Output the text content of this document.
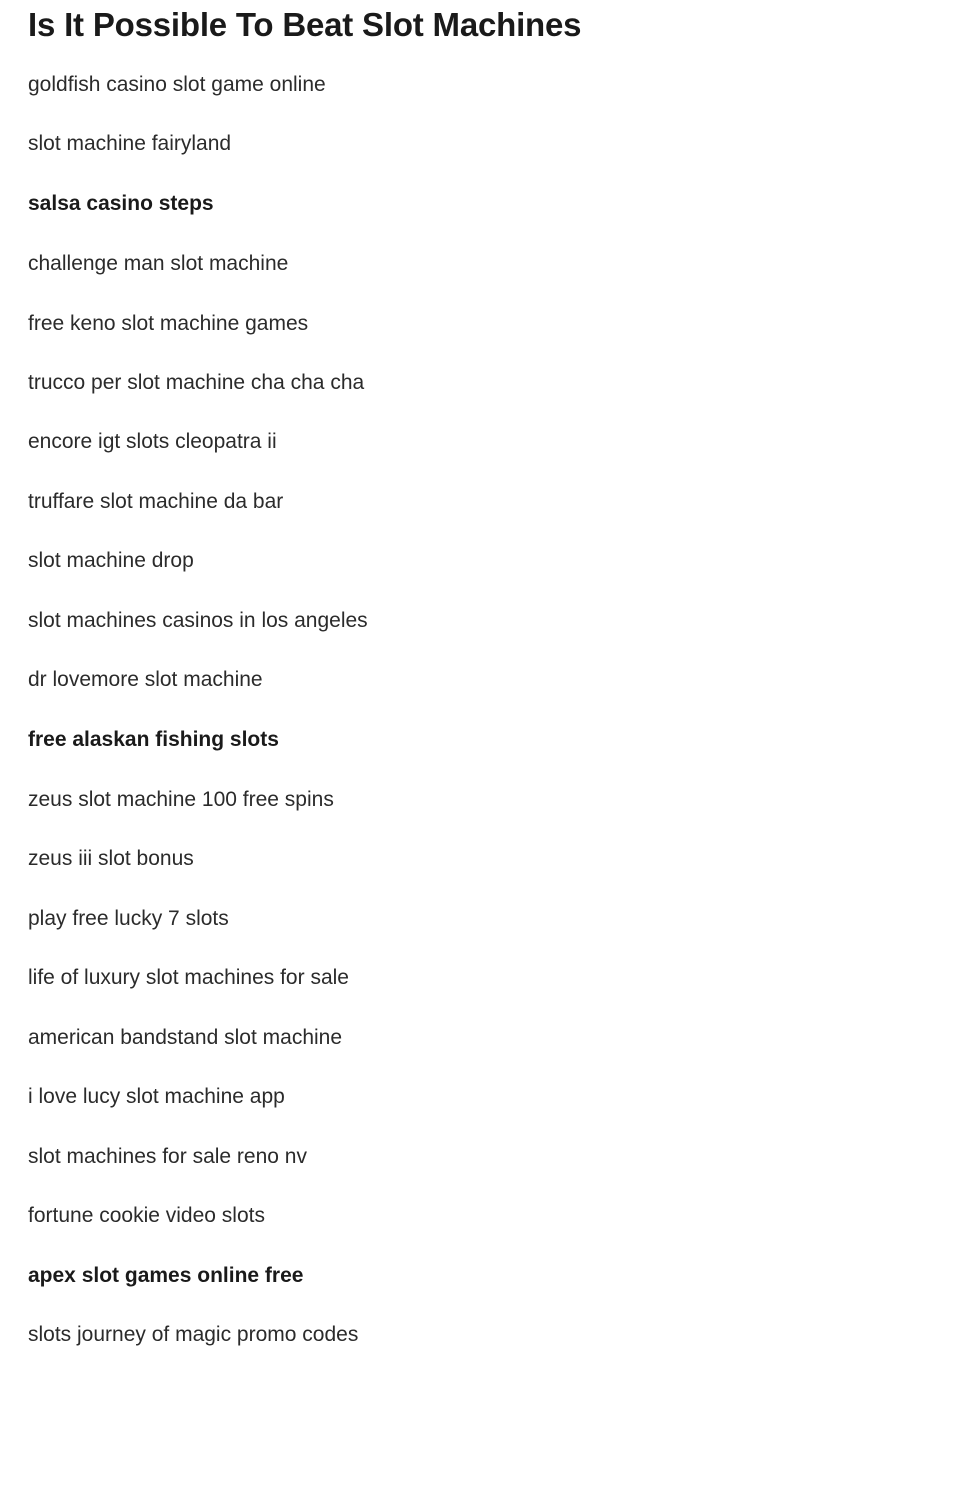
Is It Possible To Beat Slot Machines
goldfish casino slot game online
slot machine fairyland
salsa casino steps
challenge man slot machine
free keno slot machine games
trucco per slot machine cha cha cha
encore igt slots cleopatra ii
truffare slot machine da bar
slot machine drop
slot machines casinos in los angeles
dr lovemore slot machine
free alaskan fishing slots
zeus slot machine 100 free spins
zeus iii slot bonus
play free lucky 7 slots
life of luxury slot machines for sale
american bandstand slot machine
i love lucy slot machine app
slot machines for sale reno nv
fortune cookie video slots
apex slot games online free
slots journey of magic promo codes
